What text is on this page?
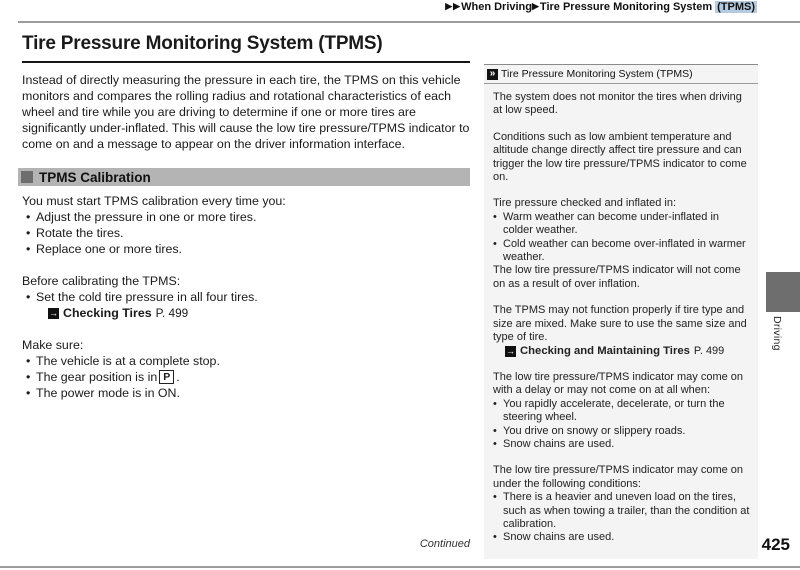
▶▶When Driving▶Tire Pressure Monitoring System (TPMS)
Tire Pressure Monitoring System (TPMS)

Instead of directly measuring the pressure in each tire, the TPMS on this vehicle monitors and compares the rolling radius and rotational characteristics of each wheel and tire while you are driving to determine if one or more tires are significantly under-inflated. This will cause the low tire pressure/TPMS indicator to come on and a message to appear on the driver information interface.

TPMS Calibration

You must start TPMS calibration every time you:

• Adjust the pressure in one or more tires.
• Rotate the tires.
• Replace one or more tires.

Before calibrating the TPMS:

• Set the cold tire pressure in all four tires.
→ Checking Tires P. 499

Make sure:

• The vehicle is at a complete stop.
• The gear position is in P .
• The power mode is in ON.
» Tire Pressure Monitoring System (TPMS)

The system does not monitor the tires when driving at low speed.

Conditions such as low ambient temperature and altitude change directly affect tire pressure and can trigger the low tire pressure/TPMS indicator to come on.

Tire pressure checked and inflated in:

• Warm weather can become under-inflated in colder weather.
• Cold weather can become over-inflated in warmer weather.

The low tire pressure/TPMS indicator will not come on as a result of over inflation.

The TPMS may not function properly if tire type and size are mixed. Make sure to use the same size and type of tire.

→ Checking and Maintaining Tires P. 499

The low tire pressure/TPMS indicator may come on with a delay or may not come on at all when:

• You rapidly accelerate, decelerate, or turn the steering wheel.
• You drive on snowy or slippery roads.
• Snow chains are used.

The low tire pressure/TPMS indicator may come on under the following conditions:

• There is a heavier and uneven load on the tires, such as when towing a trailer, than the condition at calibration.
• Snow chains are used.
Driving
Continued	425
